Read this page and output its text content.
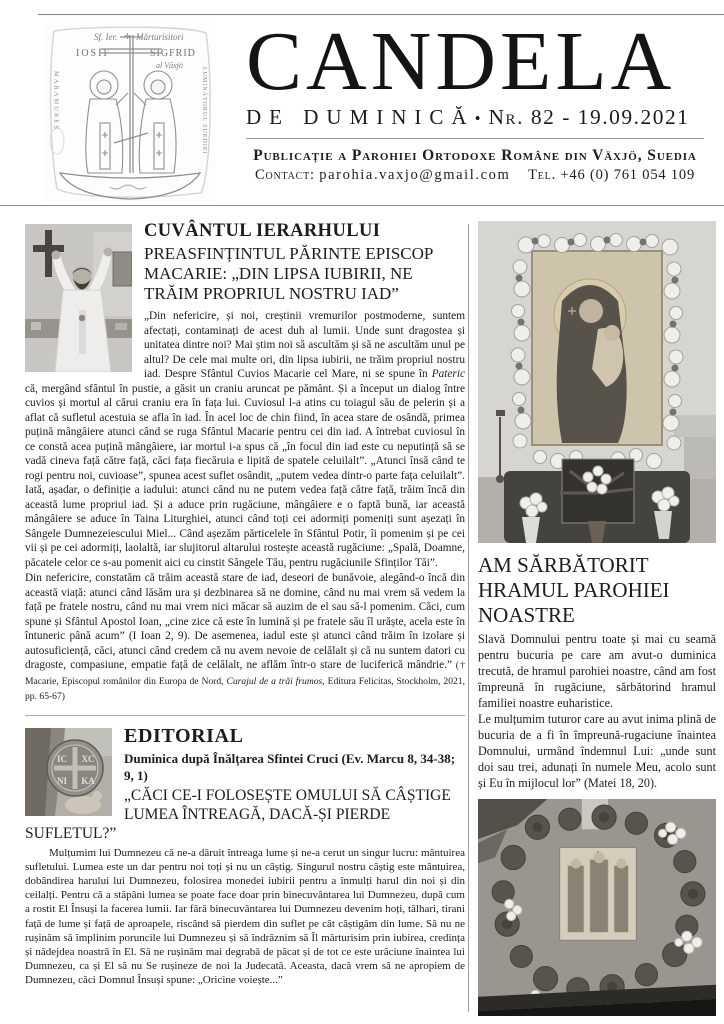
Sf. Ier. ✛ Mărturisitori
IOSIF	SIGFRID
al Văxjö
MARAMUREȘ	LUMINĂTORUL SUEDIEI
CANDELA
DE DUMINICĂ • Nr. 82 - 19.09.2021
Publicație a Parohiei Ortodoxe Române din Växjö, Suedia
Contact: parohia.vaxjo@gmail.com Tel. +46 (0) 761 054 109
CUVÂNTUL IERARHULUI
PREASFINȚINTUL PĂRINTE EPISCOP MACARIE: „DIN LIPSA IUBIRII, NE TRĂIM PROPRIUL NOSTRU IAD”

„Din nefericire, și noi, creștinii vremurilor postmoderne, suntem afectați, contaminați de acest duh al lumii. Unde sunt dragostea și unitatea dintre noi? Mai știm noi să ascultăm și să ne ascultăm unul pe altul? De cele mai multe ori, din lipsa iubirii, ne trăim propriul nostru iad. Despre Sfântul Cuvios Macarie cel Mare, ni se spune în Pateric că, mergând sfântul în pustie, a găsit un craniu aruncat pe pământ. Și a început un dialog între cuvios și mortul al cărui craniu era în fața lui. Cuviosul l-a atins cu toiagul său de pelerin și a aflat că sufletul acestuia se afla în iad. În acel loc de chin fiind, în acea stare de osândă, primea puțină mângâiere atunci când se ruga Sfântul Macarie pentru cei din iad. A întrebat cuviosul în ce constă acea puțină mângâiere, iar mortul i-a spus că „în focul din iad este cu neputință să se vadă cineva față către față, căci fața fiecăruia e lipită de spatele celuilalt”. „Atunci însă când te rogi pentru noi, cuvioase”, spunea acest suflet osândit, „putem vedea dintr-o parte fața celuilalt”. Iată, așadar, o definiție a iadului: atunci când nu ne putem vedea față către față, trăim încă din această lume propriul iad. Și a aduce prin rugăciune, mângâiere e o faptă bună, iar această mângâiere se aduce în Taina Liturghiei, atunci când toți cei adormiți pomeniți sunt așezați în Sângele Dumnezeiescului Miel... Când așezăm părticelele în Sfântul Potir, îi pomenim și pe cei vii și pe cei adormiți, laolaltă, iar slujitorul altarului rostește această rugăciune: „Spală, Doamne, păcatele celor ce s-au pomenit aici cu cinstit Sângele Tău, pentru rugăciunile Sfinților Tăi”.

Din nefericire, constatăm că trăim această stare de iad, deseori de bunăvoie, alegând-o încă din această viață: atunci când lăsăm ura și dezbinarea să ne domine, când nu mai vrem să vedem la față pe fratele nostru, când nu mai vrem nici măcar să auzim de el sau să-l pomenim. Căci, cum spune și Sfântul Apostol Ioan, „cine zice că este în lumină și pe fratele său îl urăște, acela este în întuneric până acum” (I Ioan 2, 9). De asemenea, iadul este și atunci când trăim în izolare și autosuficiență, căci, atunci când credem că nu avem nevoie de celălalt și că nu suntem datori cu dragoste, compasiune, empatie față de celălalt, ne aflăm într-o stare de luciferică mândrie.” († Macarie, Episcopul românilor din Europa de Nord, Curajul de a trăi frumos, Editura Felicitas, Stockholm, 2021, pp. 65-67)

IC XC
NI KA
EDITORIAL
Duminica după Înălțarea Sfintei Cruci (Ev. Marcu 8, 34-38; 9, 1)
„CĂCI CE-I FOLOSEȘTE OMULUI SĂ CÂȘTIGE LUMEA ÎNTREAGĂ, DACĂ-ȘI PIERDE SUFLETUL?”

Mulțumim lui Dumnezeu că ne-a dăruit întreaga lume și ne-a cerut un singur lucru: mântuirea sufletului. Lumea este un dar pentru noi toți și nu un câștig. Singurul nostru câștig este mântuirea, dobândirea harului lui Dumnezeu, folosirea monedei iubirii pentru a înmulți harul din noi și din ceilalți. Pentru că a stăpâni lumea se poate face doar prin binecuvântarea lui Dumnezeu, după cum a rostit El Însuși la facerea lumii. Iar fără binecuvântarea lui Dumnezeu devenim hoți, tâlhari, tirani față de lume și față de aproapele, riscând să pierdem din suflet pe cât câștigăm din lume. Să nu ne rușinăm să împlinim poruncile lui Dumnezeu și să îndrăznim să Îl mărturisim prin iubirea, credința și nădejdea noastră în El. Să ne rușinăm mai degrabă de păcat și de tot ce este urâciune înaintea lui Dumnezeu, ca și El să nu Se rușineze de noi la Judecată. Aceasta, dacă vrem să ne apropiem de Dumnezeu, căci Domnul Însuși spune: „Oricine voiește...”

AM SĂRBĂTORIT HRAMUL PAROHIEI NOASTRE

Slavă Domnului pentru toate și mai cu seamă pentru bucuria pe care am avut-o duminica trecută, de hramul parohiei noastre, când am fost împreună în rugăciune, sărbătorind hramul familiei noastre euharistice.

Le mulțumim tuturor care au avut inima plină de bucuria de a fi în împreună-rugaciune înaintea Domnului, urmând îndemnul Lui: „unde sunt doi sau trei, adunați în numele Meu, acolo sunt și Eu în mijlocul lor” (Matei 18, 20).
